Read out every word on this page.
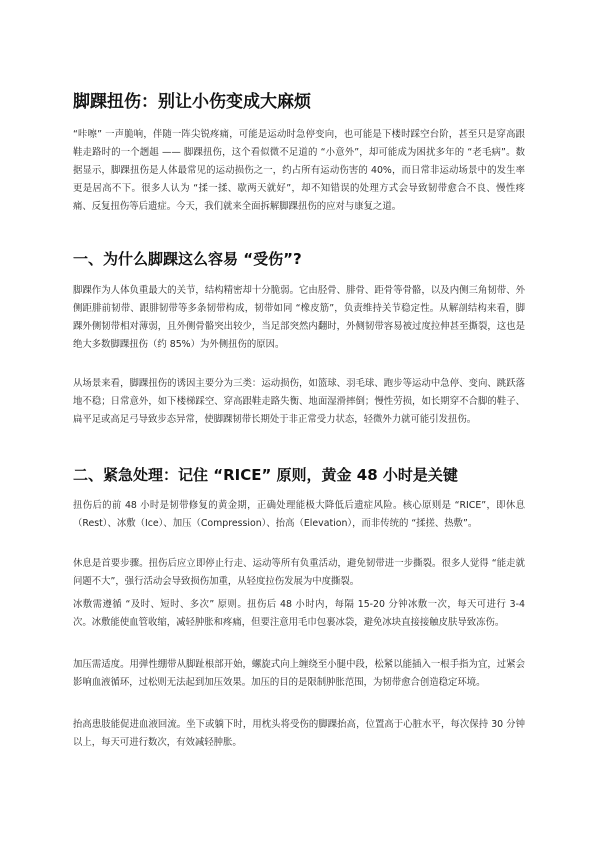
脚踝扭伤：别让小伤变成大麻烦

“咔嚓” 一声脆响，伴随一阵尖锐疼痛，可能是运动时急停变向，也可能是下楼时踩空台阶，甚至只是穿高跟鞋走路时的一个趔趄 —— 脚踝扭伤，这个看似微不足道的 “小意外”，却可能成为困扰多年的 “老毛病”。数据显示，脚踝扭伤是人体最常见的运动损伤之一，约占所有运动伤害的 40%，而日常非运动场景中的发生率更是居高不下。很多人认为 “揉一揉、歇两天就好”，却不知错误的处理方式会导致韧带愈合不良、慢性疼痛、反复扭伤等后遗症。今天，我们就来全面拆解脚踝扭伤的应对与康复之道。

一、为什么脚踝这么容易 “受伤”?

脚踝作为人体负重最大的关节，结构精密却十分脆弱。它由胫骨、腓骨、距骨等骨骼，以及内侧三角韧带、外侧距腓前韧带、跟腓韧带等多条韧带构成，韧带如同 “橡皮筋”，负责维持关节稳定性。从解剖结构来看，脚踝外侧韧带相对薄弱，且外侧骨骼突出较少，当足部突然内翻时，外侧韧带容易被过度拉伸甚至撕裂，这也是绝大多数脚踝扭伤（约 85%）为外侧扭伤的原因。

从场景来看，脚踝扭伤的诱因主要分为三类：运动损伤，如篮球、羽毛球、跑步等运动中急停、变向、跳跃落地不稳；日常意外，如下楼梯踩空、穿高跟鞋走路失衡、地面湿滑摔倒；慢性劳损，如长期穿不合脚的鞋子、扁平足或高足弓导致步态异常，使脚踝韧带长期处于非正常受力状态，轻微外力就可能引发扭伤。

二、紧急处理：记住 “RICE” 原则，黄金 48 小时是关键

扭伤后的前 48 小时是韧带修复的黄金期，正确处理能极大降低后遗症风险。核心原则是 “RICE”，即休息（Rest）、冰敷（Ice）、加压（Compression）、抬高（Elevation），而非传统的 “揉搓、热敷”。

休息是首要步骤。扭伤后应立即停止行走、运动等所有负重活动，避免韧带进一步撕裂。很多人觉得 “能走就问题不大”，强行活动会导致损伤加重，从轻度拉伤发展为中度撕裂。

冰敷需遵循 “及时、短时、多次” 原则。扭伤后 48 小时内，每隔 15-20 分钟冰敷一次，每天可进行 3-4 次。冰敷能使血管收缩，减轻肿胀和疼痛，但要注意用毛巾包裹冰袋，避免冰块直接接触皮肤导致冻伤。

加压需适度。用弹性绷带从脚趾根部开始，螺旋式向上缠绕至小腿中段，松紧以能插入一根手指为宜，过紧会影响血液循环，过松则无法起到加压效果。加压的目的是限制肿胀范围，为韧带愈合创造稳定环境。

抬高患肢能促进血液回流。坐下或躺下时，用枕头将受伤的脚踝抬高，位置高于心脏水平，每次保持 30 分钟以上，每天可进行数次，有效减轻肿胀。
